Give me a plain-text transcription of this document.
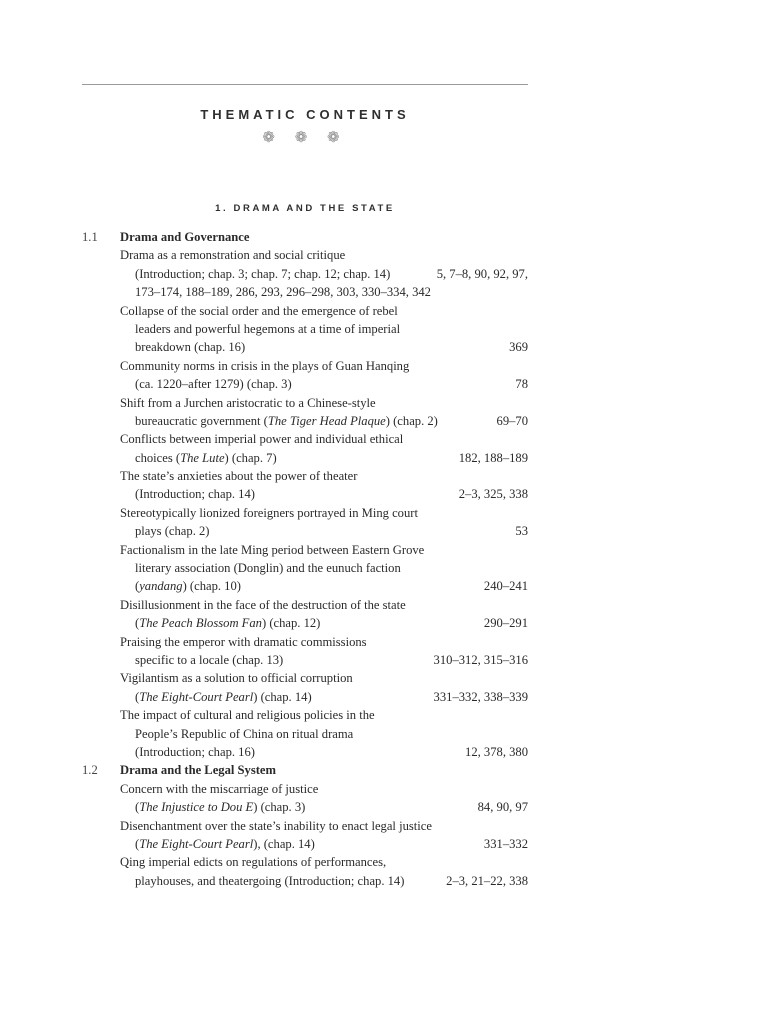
THEMATIC CONTENTS
❁ ❁ ❁
1. DRAMA AND THE STATE
1.1	Drama and Governance
Drama as a remonstration and social critique
(Introduction; chap. 3; chap. 7; chap. 12; chap. 14)	5, 7–8, 90, 92, 97,
173–174, 188–189, 286, 293, 296–298, 303, 330–334, 342
Collapse of the social order and the emergence of rebel
leaders and powerful hegemons at a time of imperial
breakdown (chap. 16)	369
Community norms in crisis in the plays of Guan Hanqing
(ca. 1220–after 1279) (chap. 3)	78
Shift from a Jurchen aristocratic to a Chinese-style
bureaucratic government (The Tiger Head Plaque) (chap. 2)	69–70
Conflicts between imperial power and individual ethical
choices (The Lute) (chap. 7)	182, 188–189
The state’s anxieties about the power of theater
(Introduction; chap. 14)	2–3, 325, 338
Stereotypically lionized foreigners portrayed in Ming court
plays (chap. 2)	53
Factionalism in the late Ming period between Eastern Grove
literary association (Donglin) and the eunuch faction
(yandang) (chap. 10)	240–241
Disillusionment in the face of the destruction of the state
(The Peach Blossom Fan) (chap. 12)	290–291
Praising the emperor with dramatic commissions
specific to a locale (chap. 13)	310–312, 315–316
Vigilantism as a solution to official corruption
(The Eight-Court Pearl) (chap. 14)	331–332, 338–339
The impact of cultural and religious policies in the
People’s Republic of China on ritual drama
(Introduction; chap. 16)	12, 378, 380
1.2	Drama and the Legal System
Concern with the miscarriage of justice
(The Injustice to Dou E) (chap. 3)	84, 90, 97
Disenchantment over the state’s inability to enact legal justice
(The Eight-Court Pearl), (chap. 14)	331–332
Qing imperial edicts on regulations of performances,
playhouses, and theatergoing (Introduction; chap. 14)	2–3, 21–22, 338
